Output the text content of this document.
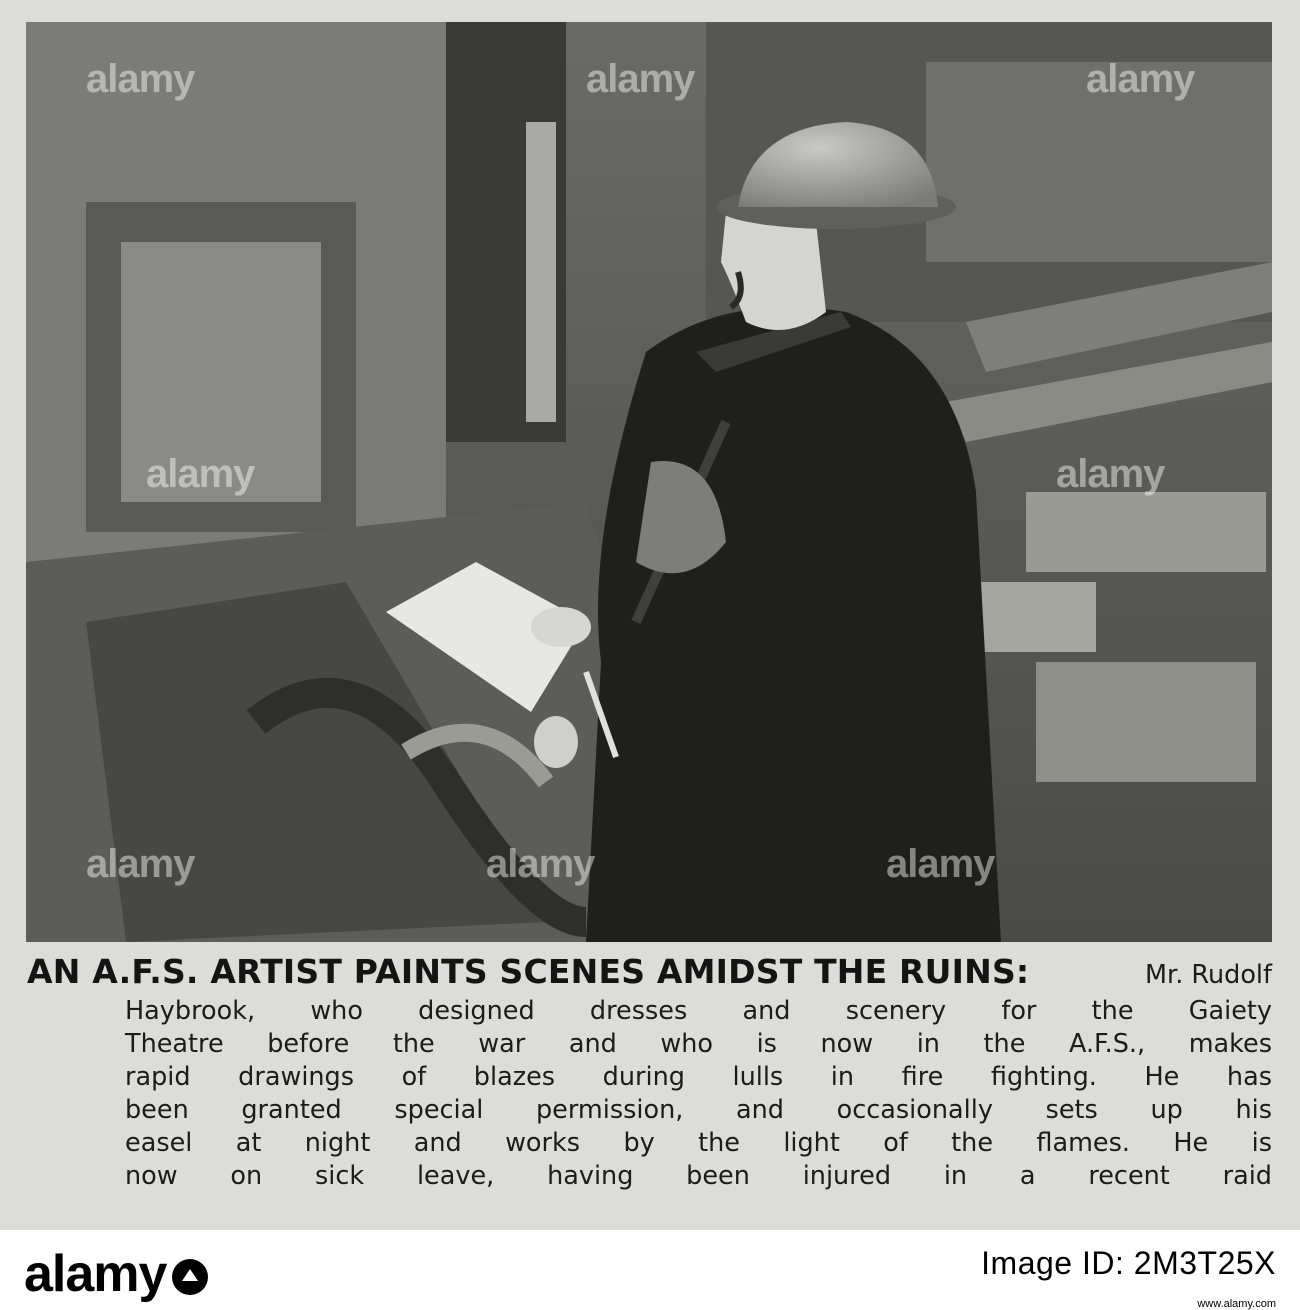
alamy	alamy	alamy
alamy	alamy
alamy	alamy
alamy
AN A.F.S. ARTIST PAINTS SCENES AMIDST THE RUINS:	Mr. Rudolf
Haybrook, who designed dresses and scenery for the Gaiety
Theatre before the war and who is now in the A.F.S., makes
rapid drawings of blazes during lulls in fire fighting. He has
been granted special permission, and occasionally sets up his
easel at night and works by the light of the flames. He is
now on sick leave, having been injured in a recent raid
alamy	Image ID: 2M3T25X
www.alamy.com
